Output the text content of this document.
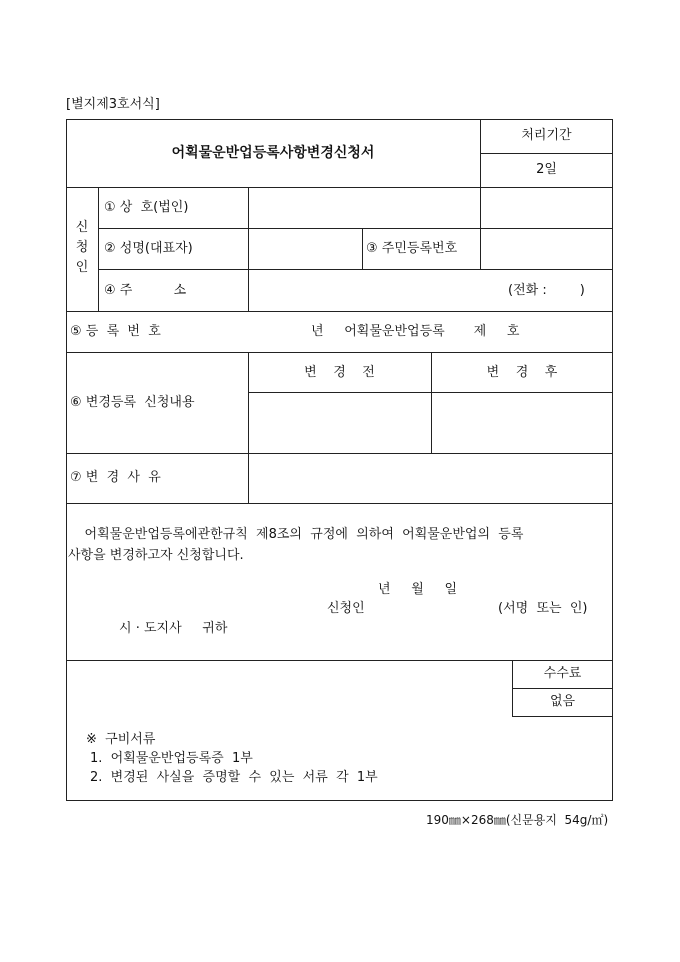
[별지제3호서식]
어획물운반업등록사항변경신청서
처리기간
2일
신
청
인
① 상  호(법인)
② 성명(대표자)	③ 주민등록번호
④ 주          소	(전화 :        )
⑤ 등  록  번  호	년     어획물운반업등록       제     호
⑥ 변경등록  신청내용
변    경    전	변    경    후
⑦ 변  경  사  유
어획물운반업등록에관한규칙  제8조의  규정에  의하여  어획물운반업의  등록
사항을 변경하고자 신청합니다.
년     월     일
신청인	(서명  또는  인)
시 · 도지사     귀하
수수료
없음
※  구비서류
1.  어획물운반업등록증  1부
2.  변경된  사실을  증명할  수  있는  서류  각  1부
190㎜×268㎜(신문용지  54g/㎡)
